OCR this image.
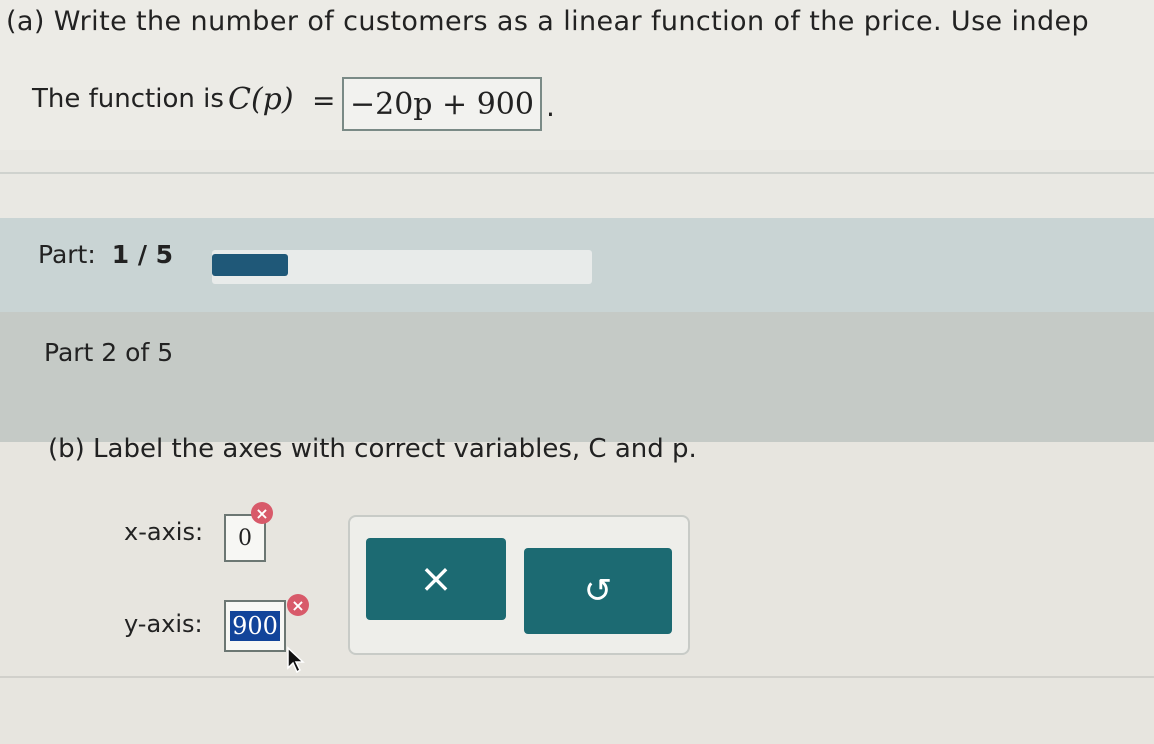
(a) Write the number of customers as a linear function of the price. Use indep
The function is C(p) = −20p + 900 .
Part: 1 / 5
Part 2 of 5
(b) Label the axes with correct variables, C and p.
x-axis: 0
×
y-axis: 900
×
×	↺
